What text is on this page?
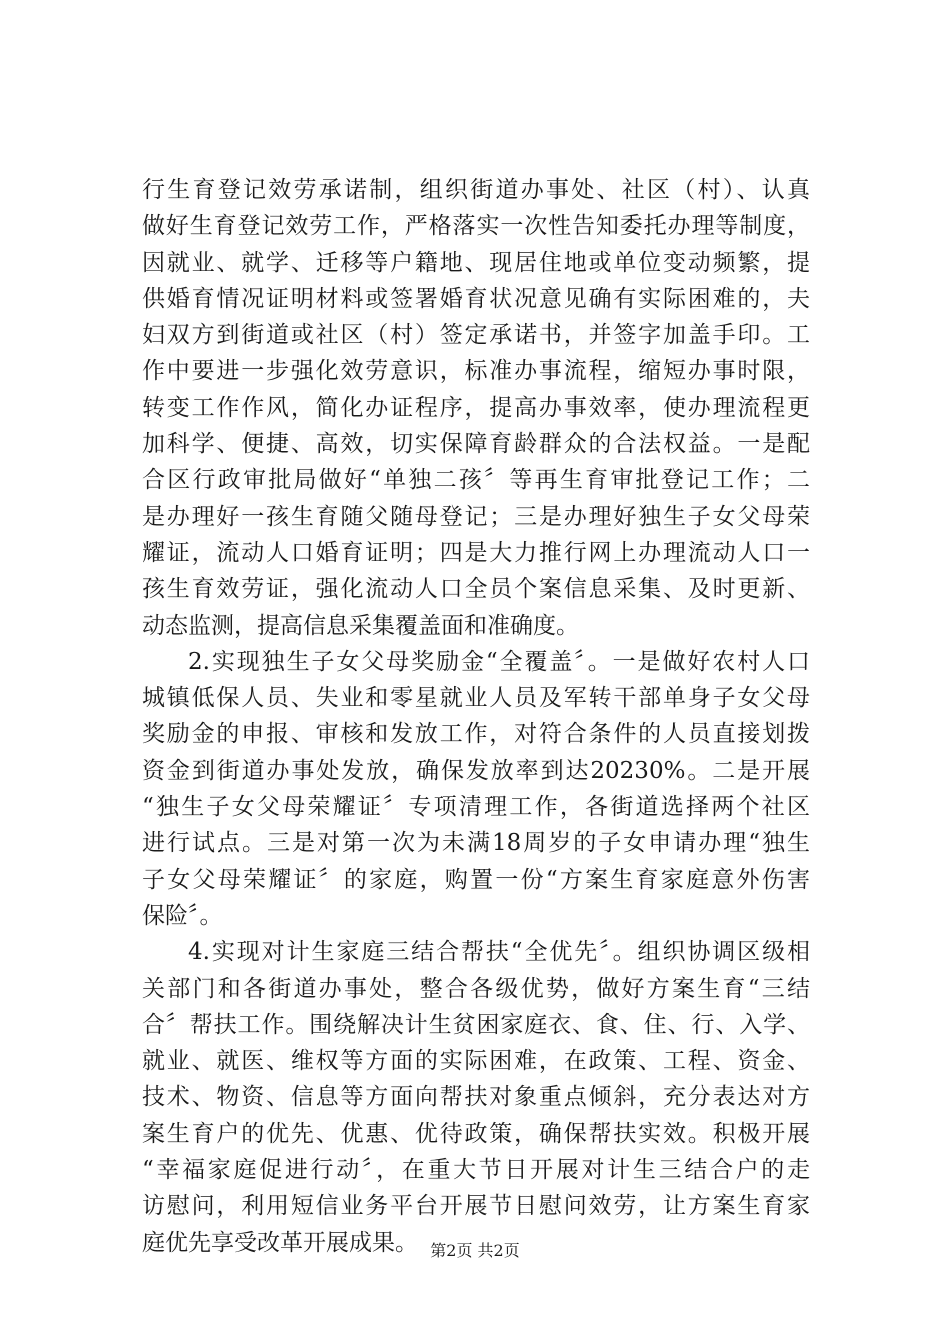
行生育登记效劳承诺制，组织街道办事处、社区（村）、认真
做好生育登记效劳工作，严格落实一次性告知委托办理等制度，
因就业、就学、迁移等户籍地、现居住地或单位变动频繁，提
供婚育情况证明材料或签署婚育状况意见确有实际困难的，夫
妇双方到街道或社区（村）签定承诺书，并签字加盖手印。工
作中要进一步强化效劳意识，标准办事流程，缩短办事时限，
转变工作作风，简化办证程序，提高办事效率，使办理流程更
加科学、便捷、高效，切实保障育龄群众的合法权益。一是配
合区行政审批局做好“单独二孩〞等再生育审批登记工作；二
是办理好一孩生育随父随母登记；三是办理好独生子女父母荣
耀证，流动人口婚育证明；四是大力推行网上办理流动人口一
孩生育效劳证，强化流动人口全员个案信息采集、及时更新、
动态监测，提高信息采集覆盖面和准确度。
2.实现独生子女父母奖励金“全覆盖〞。一是做好农村人口
城镇低保人员、失业和零星就业人员及军转干部单身子女父母
奖励金的申报、审核和发放工作，对符合条件的人员直接划拨
资金到街道办事处发放，确保发放率到达20230%。二是开展
“独生子女父母荣耀证〞专项清理工作，各街道选择两个社区
进行试点。三是对第一次为未满18周岁的子女申请办理“独生
子女父母荣耀证〞的家庭，购置一份“方案生育家庭意外伤害
保险〞。
4.实现对计生家庭三结合帮扶“全优先〞。组织协调区级相
关部门和各街道办事处，整合各级优势，做好方案生育“三结
合〞帮扶工作。围绕解决计生贫困家庭衣、食、住、行、入学、
就业、就医、维权等方面的实际困难，在政策、工程、资金、
技术、物资、信息等方面向帮扶对象重点倾斜，充分表达对方
案生育户的优先、优惠、优待政策，确保帮扶实效。积极开展
“幸福家庭促进行动〞，在重大节日开展对计生三结合户的走
访慰问，利用短信业务平台开展节日慰问效劳，让方案生育家
庭优先享受改革开展成果。 第2页 共2页
